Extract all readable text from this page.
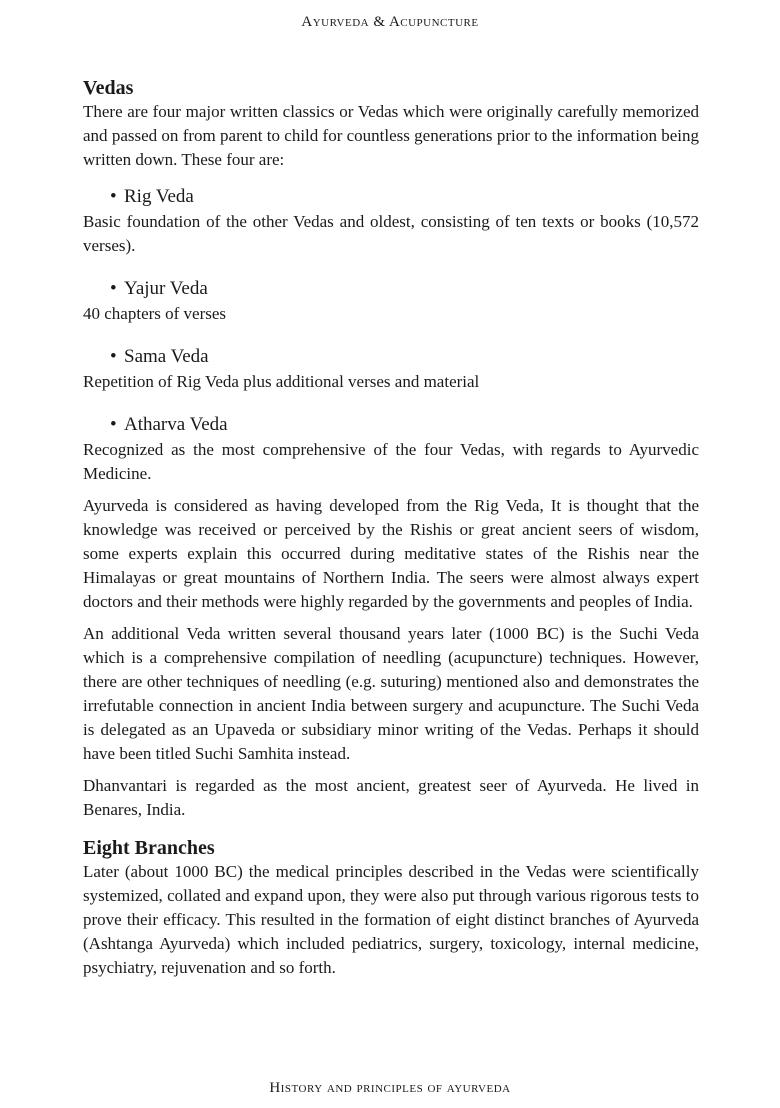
Ayurveda & Acupuncture
Vedas

There are four major written classics or Vedas which were originally carefully memorized and passed on from parent to child for countless generations prior to the information being written down. These four are:

• Rig Veda

Basic foundation of the other Vedas and oldest, consisting of ten texts or books (10,572 verses).

• Yajur Veda

40 chapters of verses

• Sama Veda

Repetition of Rig Veda plus additional verses and material

• Atharva Veda

Recognized as the most comprehensive of the four Vedas, with regards to Ayurvedic Medicine.

Ayurveda is considered as having developed from the Rig Veda, It is thought that the knowledge was received or perceived by the Rishis or great ancient seers of wisdom, some experts explain this occurred during meditative states of the Rishis near the Himalayas or great mountains of Northern India. The seers were almost always expert doctors and their methods were highly regarded by the governments and peoples of India.

An additional Veda written several thousand years later (1000 BC) is the Suchi Veda which is a comprehensive compilation of needling (acupuncture) techniques. However, there are other techniques of needling (e.g. suturing) mentioned also and demonstrates the irrefutable connection in ancient India between surgery and acupuncture. The Suchi Veda is delegated as an Upaveda or subsidiary minor writing of the Vedas. Perhaps it should have been titled Suchi Samhita instead.

Dhanvantari is regarded as the most ancient, greatest seer of Ayurveda. He lived in Benares, India.

Eight Branches

Later (about 1000 BC) the medical principles described in the Vedas were scientifically systemized, collated and expand upon, they were also put through various rigorous tests to prove their efficacy. This resulted in the formation of eight distinct branches of Ayurveda (Ashtanga Ayurveda) which included pediatrics, surgery, toxicology, internal medicine, psychiatry, rejuvenation and so forth.

History and principles of ayurveda
